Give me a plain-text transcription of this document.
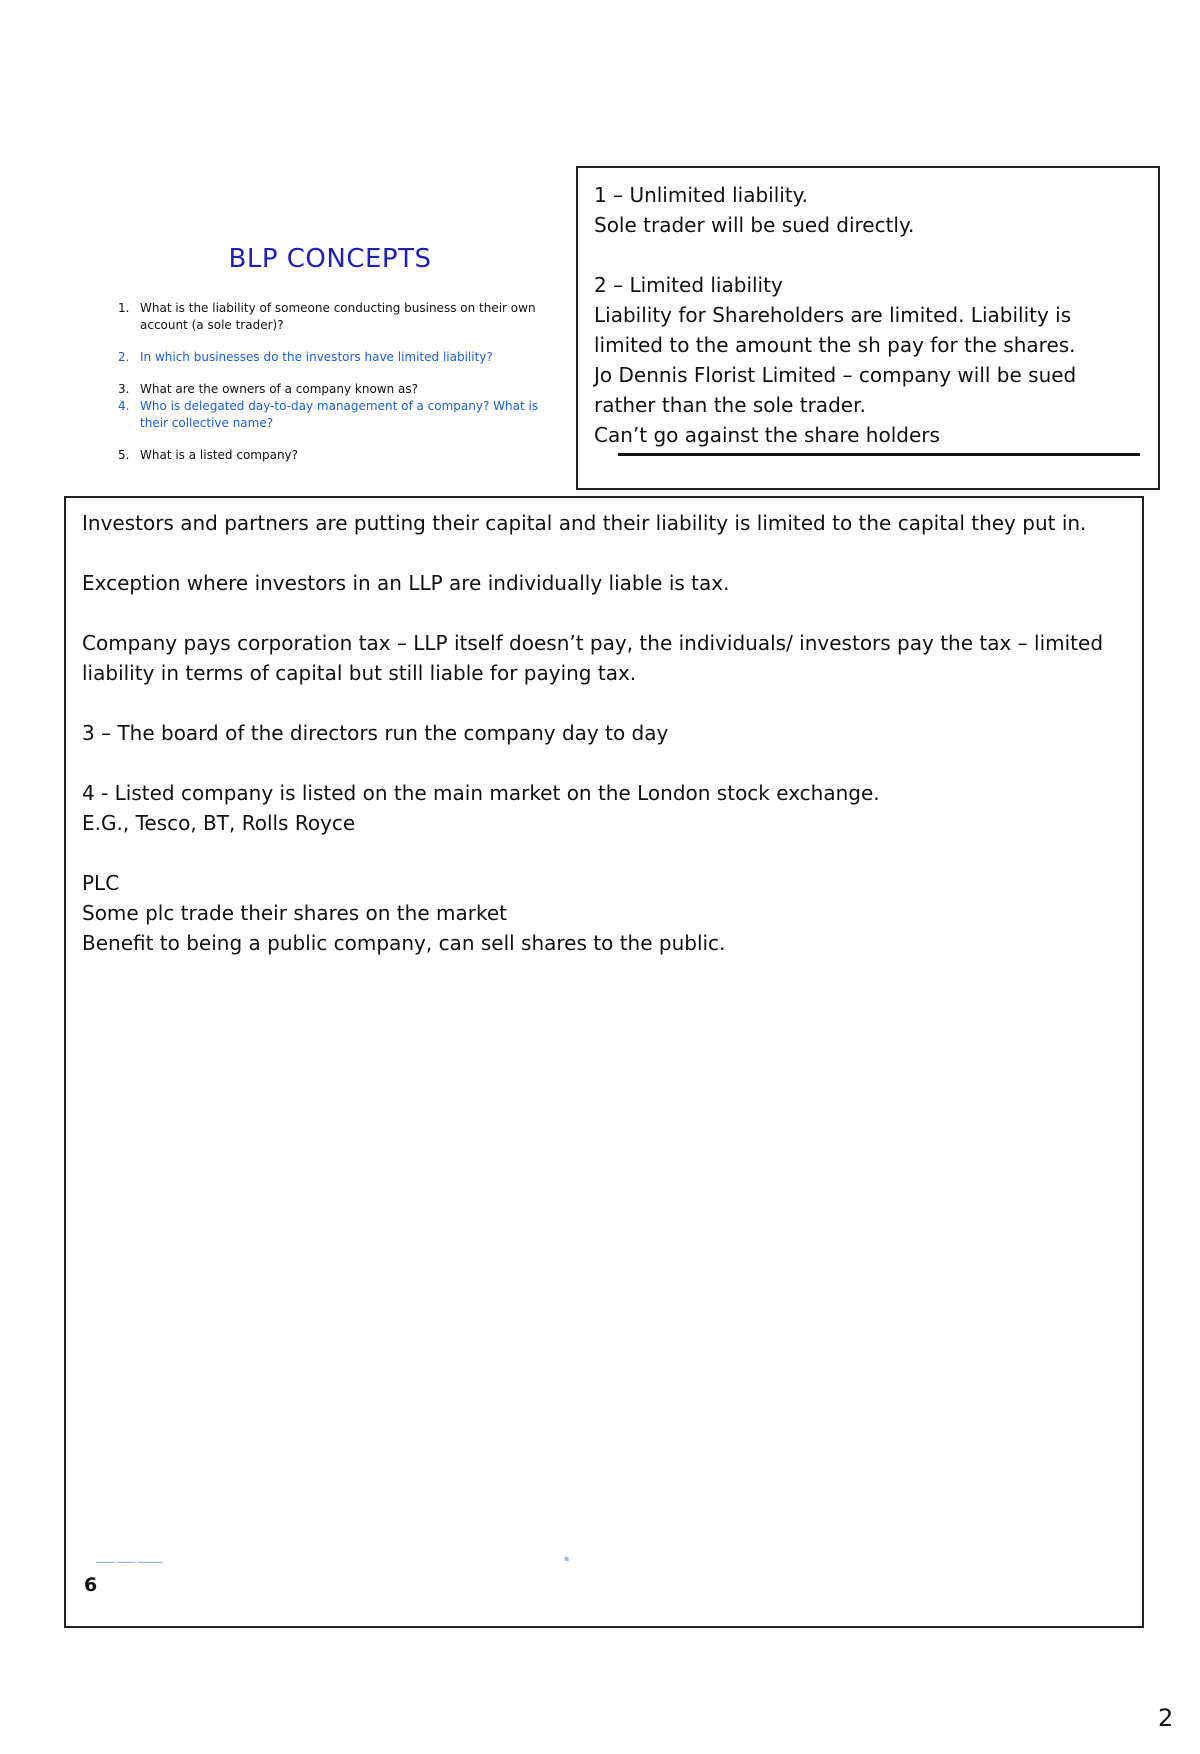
BLP CONCEPTS
1. What is the liability of someone conducting business on their own account (a sole trader)?
2. In which businesses do the investors have limited liability?
3. What are the owners of a company known as?
4. Who is delegated day-to-day management of a company? What is their collective name?
5. What is a listed company?

1 – Unlimited liability.

Sole trader will be sued directly.

2 – Limited liability

Liability for Shareholders are limited. Liability is limited to the amount the sh pay for the shares.

Jo Dennis Florist Limited – company will be sued rather than the sole trader.

Can’t go against the share holders

Investors and partners are putting their capital and their liability is limited to the capital they put in.

Exception where investors in an LLP are individually liable is tax.

Company pays corporation tax – LLP itself doesn’t pay, the individuals/ investors pay the tax – limited liability in terms of capital but still liable for paying tax.

3 – The board of the directors run the company day to day

4 - Listed company is listed on the main market on the London stock exchange.

E.G., Tesco, BT, Rolls Royce

PLC

Some plc trade their shares on the market

Benefit to being a public company, can sell shares to the public.

▁▁▁ ▁▁▁ ▁▁▁▁	▪
6
2
